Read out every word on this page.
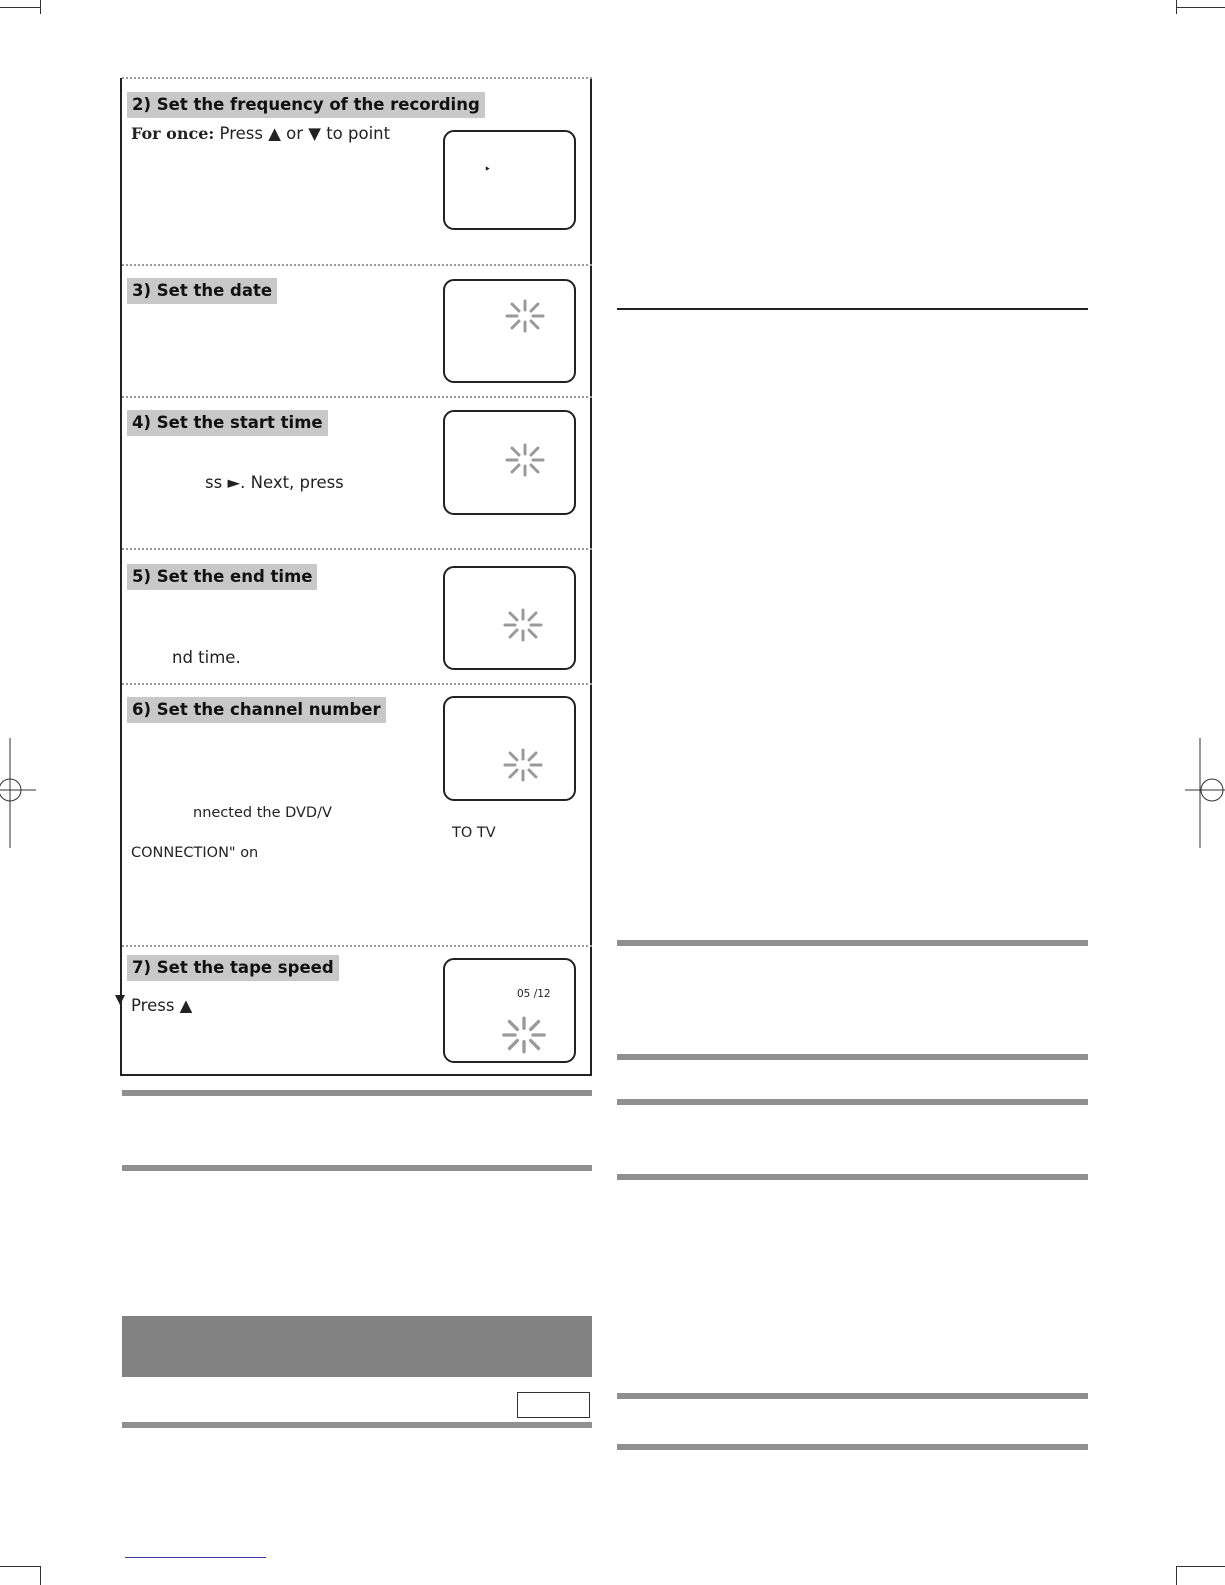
2) Set the frequency of the recording
For once: Press ▲ or ▼ to point
‣
3) Set the date
4) Set the start time
ss ►. Next, press
5) Set the end time
nd time.
6) Set the channel number
nnected the DVD/V
TO TV
CONNECTION" on
7) Set the tape speed
Press ▲
05 /12
